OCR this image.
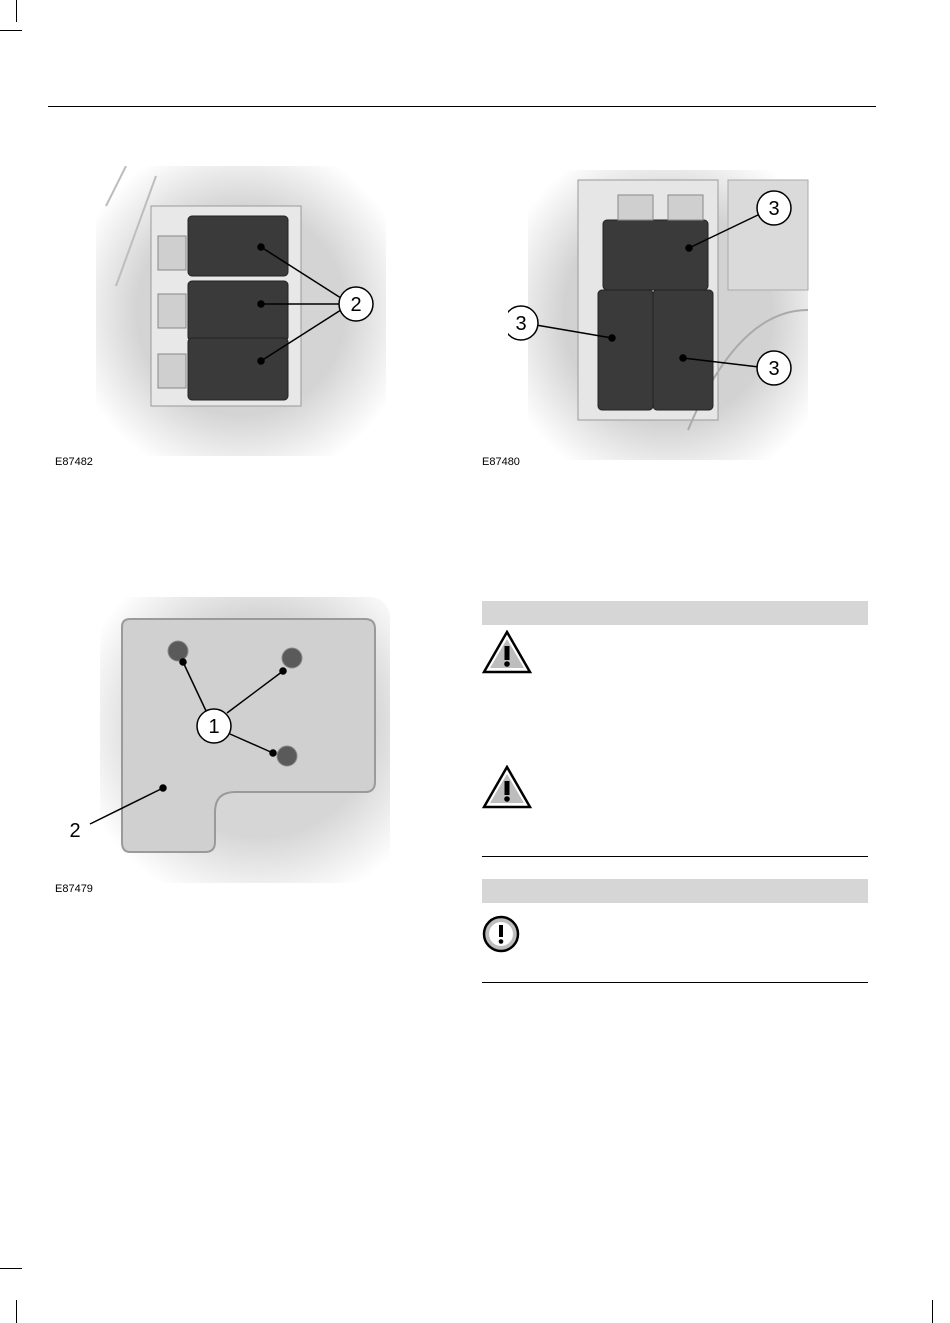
2
E87482
3
3
3
E87480
1
2
E87479
